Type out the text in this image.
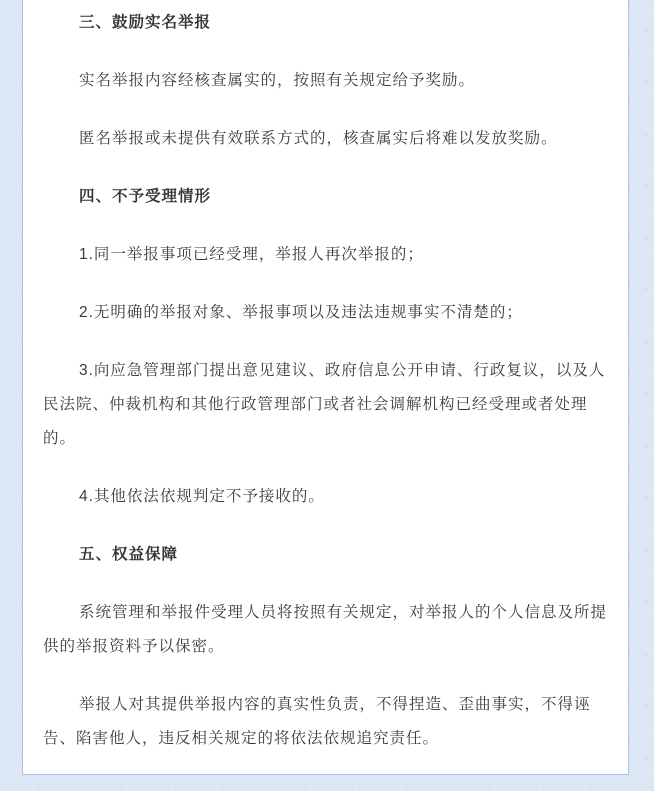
三、鼓励实名举报

实名举报内容经核查属实的，按照有关规定给予奖励。

匿名举报或未提供有效联系方式的，核查属实后将难以发放奖励。

四、不予受理情形

1.同一举报事项已经受理，举报人再次举报的；

2.无明确的举报对象、举报事项以及违法违规事实不清楚的；

3.向应急管理部门提出意见建议、政府信息公开申请、行政复议，以及人民法院、仲裁机构和其他行政管理部门或者社会调解机构已经受理或者处理的。

4.其他依法依规判定不予接收的。

五、权益保障

系统管理和举报件受理人员将按照有关规定，对举报人的个人信息及所提供的举报资料予以保密。

举报人对其提供举报内容的真实性负责，不得捏造、歪曲事实，不得诬告、陷害他人，违反相关规定的将依法依规追究责任。
